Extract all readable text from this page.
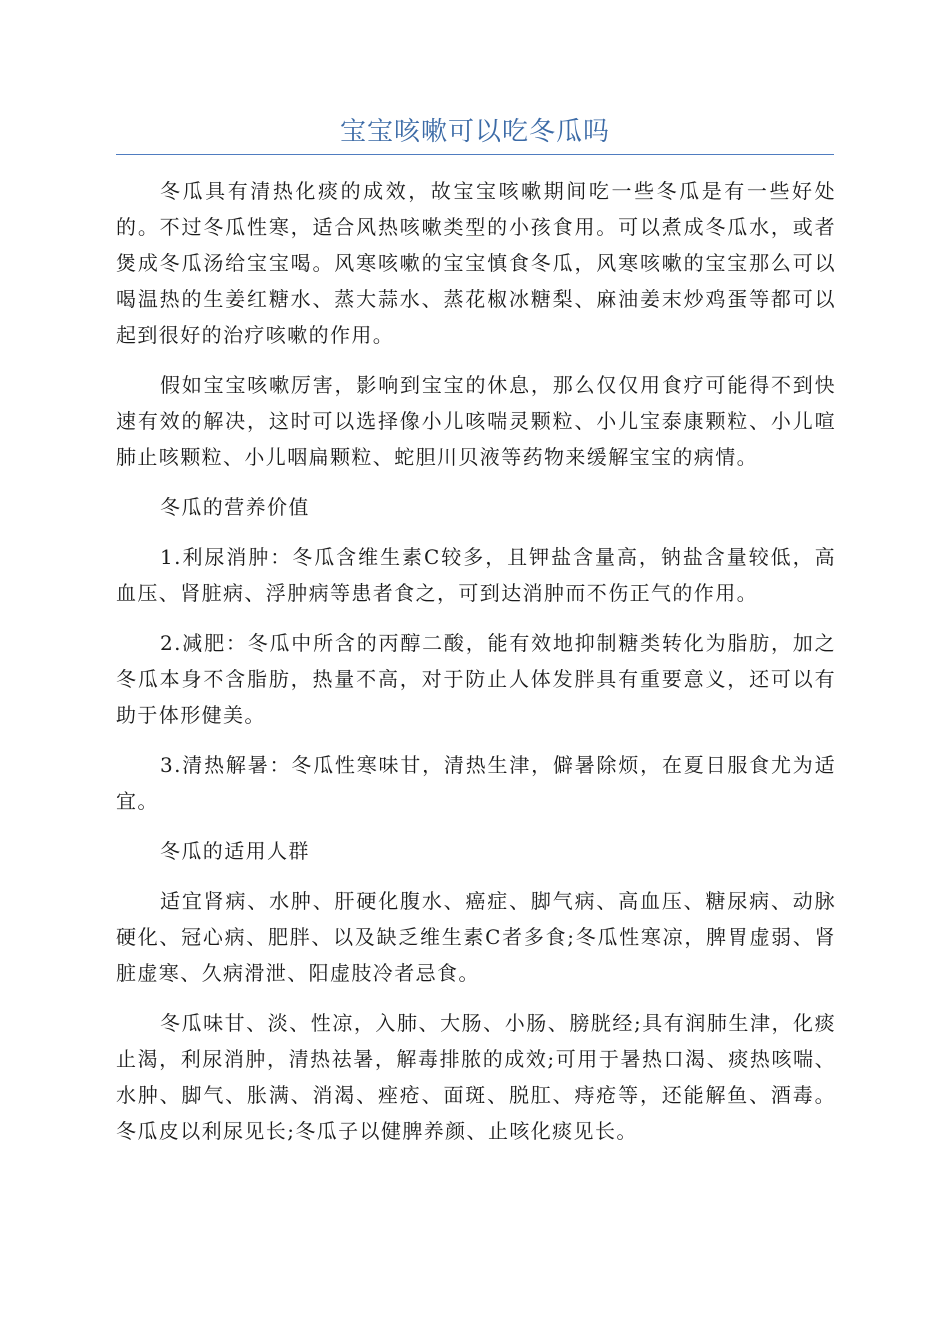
宝宝咳嗽可以吃冬瓜吗

冬瓜具有清热化痰的成效，故宝宝咳嗽期间吃一些冬瓜是有一些好处的。不过冬瓜性寒，适合风热咳嗽类型的小孩食用。可以煮成冬瓜水，或者煲成冬瓜汤给宝宝喝。风寒咳嗽的宝宝慎食冬瓜，风寒咳嗽的宝宝那么可以喝温热的生姜红糖水、蒸大蒜水、蒸花椒冰糖梨、麻油姜末炒鸡蛋等都可以起到很好的治疗咳嗽的作用。

假如宝宝咳嗽厉害，影响到宝宝的休息，那么仅仅用食疗可能得不到快速有效的解决，这时可以选择像小儿咳喘灵颗粒、小儿宝泰康颗粒、小儿喧肺止咳颗粒、小儿咽扁颗粒、蛇胆川贝液等药物来缓解宝宝的病情。

冬瓜的营养价值

1.利尿消肿：冬瓜含维生素C较多，且钾盐含量高，钠盐含量较低，高血压、肾脏病、浮肿病等患者食之，可到达消肿而不伤正气的作用。

2.减肥：冬瓜中所含的丙醇二酸，能有效地抑制糖类转化为脂肪，加之冬瓜本身不含脂肪，热量不高，对于防止人体发胖具有重要意义，还可以有助于体形健美。

3.清热解暑：冬瓜性寒味甘，清热生津，僻暑除烦，在夏日服食尤为适宜。

冬瓜的适用人群

适宜肾病、水肿、肝硬化腹水、癌症、脚气病、高血压、糖尿病、动脉硬化、冠心病、肥胖、以及缺乏维生素C者多食;冬瓜性寒凉，脾胃虚弱、肾脏虚寒、久病滑泄、阳虚肢冷者忌食。

冬瓜味甘、淡、性凉，入肺、大肠、小肠、膀胱经;具有润肺生津，化痰止渴，利尿消肿，清热祛暑，解毒排脓的成效;可用于暑热口渴、痰热咳喘、水肿、脚气、胀满、消渴、痤疮、面斑、脱肛、痔疮等，还能解鱼、酒毒。冬瓜皮以利尿见长;冬瓜子以健脾养颜、止咳化痰见长。
